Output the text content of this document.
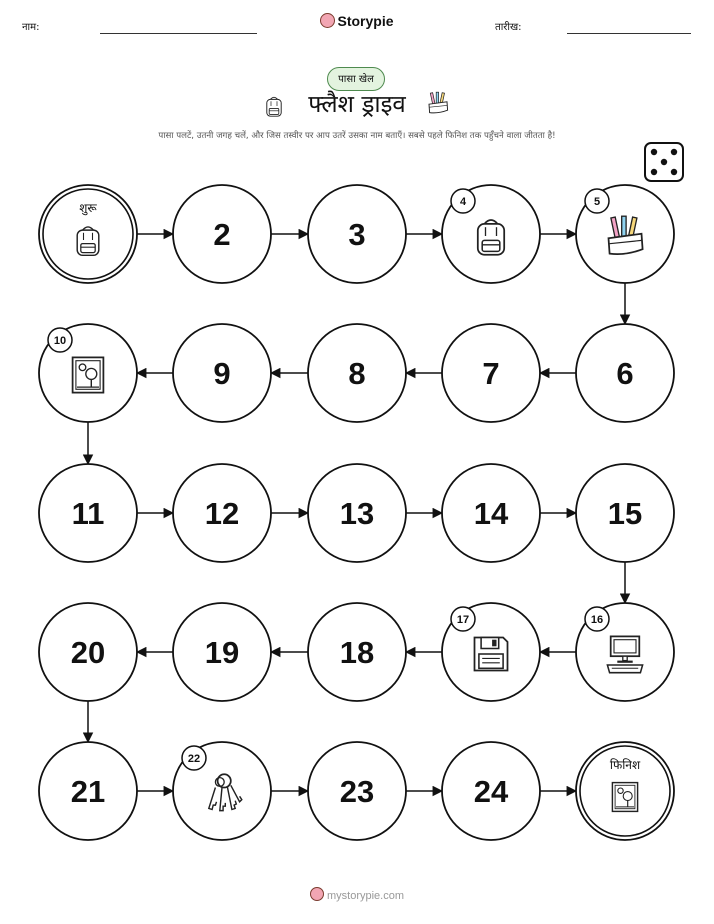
नाम:	Storypie	तारीख:
पासा खेल
फ्लैश ड्राइव
पासा पलटें, उतनी जगह चलें, और जिस तस्वीर पर आप उतरें उसका नाम बताएँ। सबसे पहले फिनिश तक पहुँचने वाला जीतता है!
शुरू
2	3
4	5
6
7
8
9
10
11	12	13	14	15
16
17
18
19
20
21
22
23	24
फिनिश
mystorypie.com
